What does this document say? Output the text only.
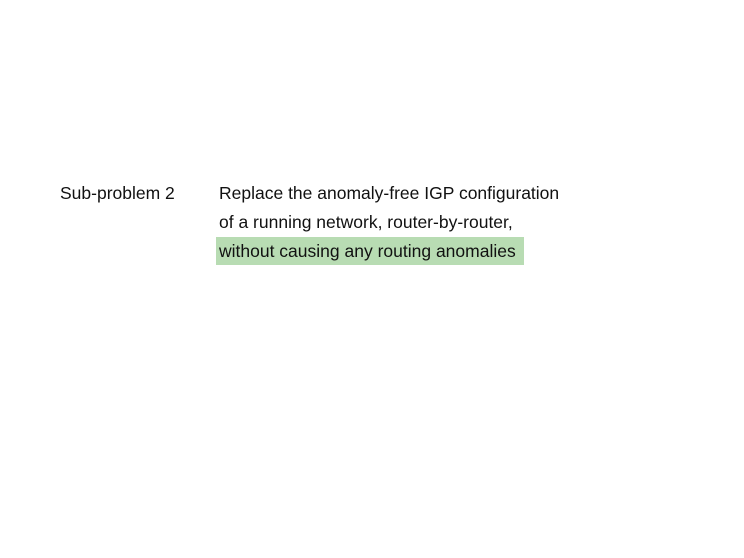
Sub-problem 2	Replace the anomaly-free IGP configuration
of a running network, router-by-router,
without causing any routing anomalies
